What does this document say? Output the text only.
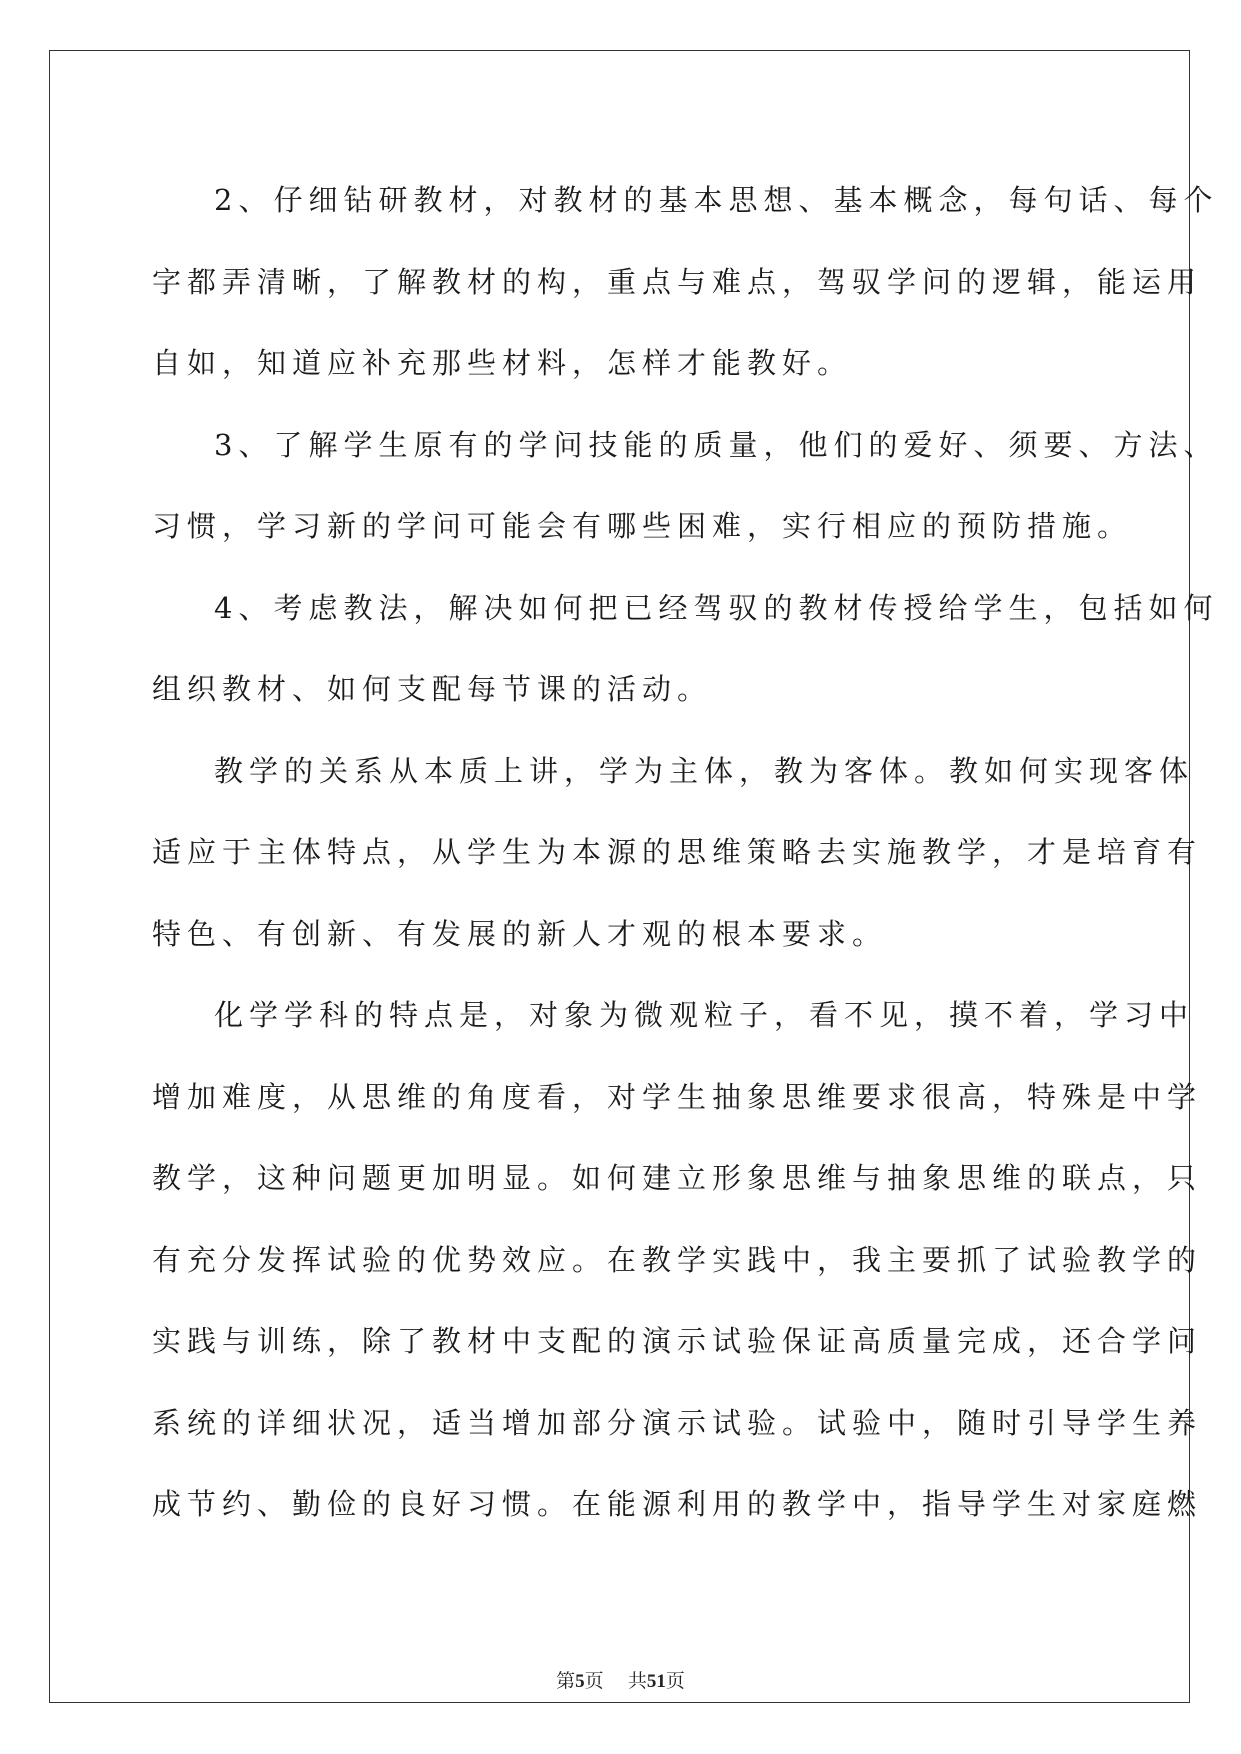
2、仔细钻研教材，对教材的基本思想、基本概念，每句话、每个
字都弄清晰，了解教材的构，重点与难点，驾驭学问的逻辑，能运用
自如，知道应补充那些材料，怎样才能教好。
3、了解学生原有的学问技能的质量，他们的爱好、须要、方法、
习惯，学习新的学问可能会有哪些困难，实行相应的预防措施。
4、考虑教法，解决如何把已经驾驭的教材传授给学生，包括如何
组织教材、如何支配每节课的活动。
教学的关系从本质上讲，学为主体，教为客体。教如何实现客体
适应于主体特点，从学生为本源的思维策略去实施教学，才是培育有
特色、有创新、有发展的新人才观的根本要求。
化学学科的特点是，对象为微观粒子，看不见，摸不着，学习中
增加难度，从思维的角度看，对学生抽象思维要求很高，特殊是中学
教学，这种问题更加明显。如何建立形象思维与抽象思维的联点，只
有充分发挥试验的优势效应。在教学实践中，我主要抓了试验教学的
实践与训练，除了教材中支配的演示试验保证高质量完成，还合学问
系统的详细状况，适当增加部分演示试验。试验中，随时引导学生养
成节约、勤俭的良好习惯。在能源利用的教学中，指导学生对家庭燃
第5页 共51页
